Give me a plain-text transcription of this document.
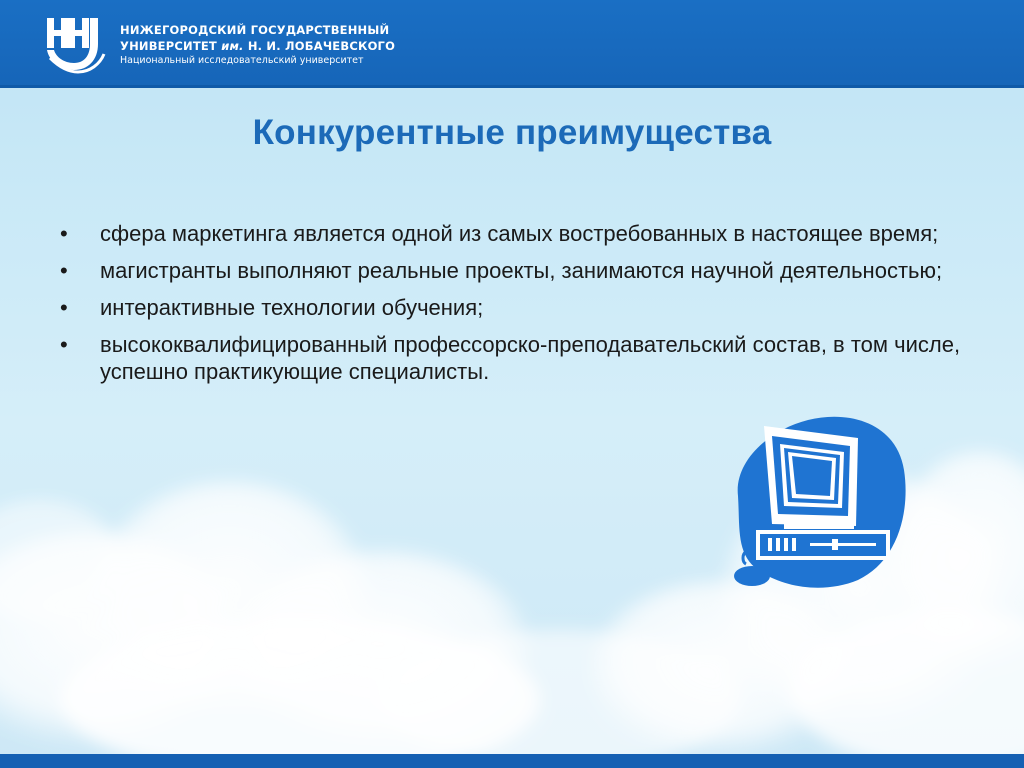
НИЖЕГОРОДСКИЙ ГОСУДАРСТВЕННЫЙ
УНИВЕРСИТЕТ им. Н. И. ЛОБАЧЕВСКОГО
Национальный исследовательский университет
Конкурентные преимущества
• сфера маркетинга является одной из самых востребованных в настоящее время;
• магистранты выполняют реальные проекты, занимаются научной деятельностью;
• интерактивные технологии обучения;
• высококвалифицированный профессорско-преподавательский состав, в том числе, успешно практикующие специалисты.
